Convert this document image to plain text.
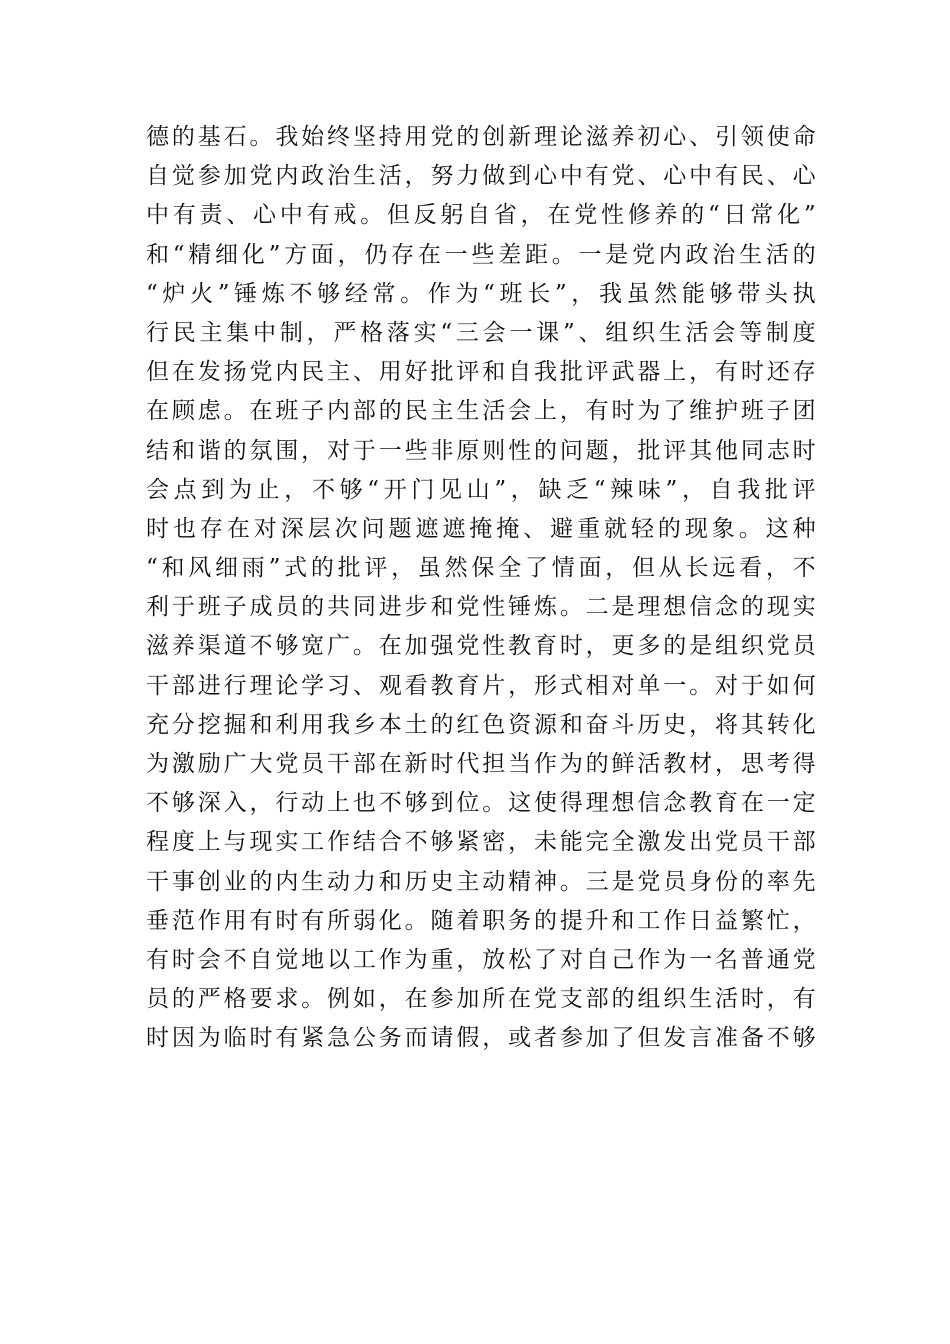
德的基石。我始终坚持用党的创新理论滋养初心、引领使命
自觉参加党内政治生活，努力做到心中有党、心中有民、心
中有责、心中有戒。但反躬自省，在党性修养的“日常化”
和“精细化”方面，仍存在一些差距。一是党内政治生活的
“炉火”锤炼不够经常。作为“班长”，我虽然能够带头执
行民主集中制，严格落实“三会一课”、组织生活会等制度
但在发扬党内民主、用好批评和自我批评武器上，有时还存
在顾虑。在班子内部的民主生活会上，有时为了维护班子团
结和谐的氛围，对于一些非原则性的问题，批评其他同志时
会点到为止，不够“开门见山”，缺乏“辣味”，自我批评
时也存在对深层次问题遮遮掩掩、避重就轻的现象。这种
“和风细雨”式的批评，虽然保全了情面，但从长远看，不
利于班子成员的共同进步和党性锤炼。二是理想信念的现实
滋养渠道不够宽广。在加强党性教育时，更多的是组织党员
干部进行理论学习、观看教育片，形式相对单一。对于如何
充分挖掘和利用我乡本土的红色资源和奋斗历史，将其转化
为激励广大党员干部在新时代担当作为的鲜活教材，思考得
不够深入，行动上也不够到位。这使得理想信念教育在一定
程度上与现实工作结合不够紧密，未能完全激发出党员干部
干事创业的内生动力和历史主动精神。三是党员身份的率先
垂范作用有时有所弱化。随着职务的提升和工作日益繁忙，
有时会不自觉地以工作为重，放松了对自己作为一名普通党
员的严格要求。例如，在参加所在党支部的组织生活时，有
时因为临时有紧急公务而请假，或者参加了但发言准备不够
